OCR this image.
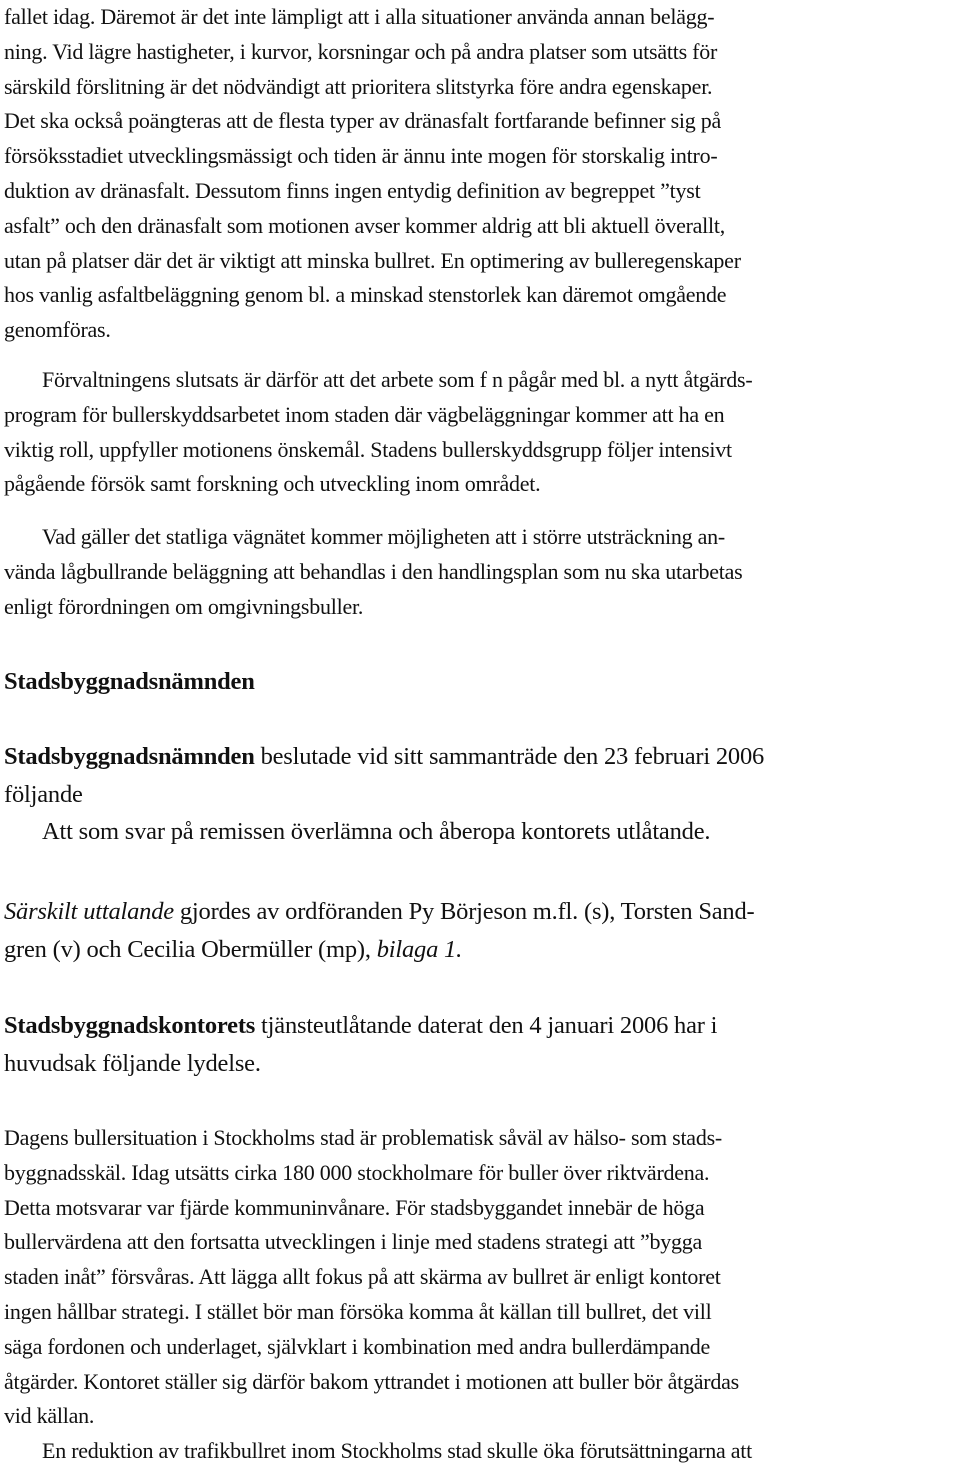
fallet idag. Däremot är det inte lämpligt att i alla situationer använda annan belägg-
ning. Vid lägre hastigheter, i kurvor, korsningar och på andra platser som utsätts för
särskild förslitning är det nödvändigt att prioritera slitstyrka före andra egenskaper.
Det ska också poängteras att de flesta typer av dränasfalt fortfarande befinner sig på
försöksstadiet utvecklingsmässigt och tiden är ännu inte mogen för storskalig intro-
duktion av dränasfalt. Dessutom finns ingen entydig definition av begreppet ”tyst
asfalt” och den dränasfalt som motionen avser kommer aldrig att bli aktuell överallt,
utan på platser där det är viktigt att minska bullret. En optimering av bulleregenskaper
hos vanlig asfaltbeläggning genom bl. a minskad stenstorlek kan däremot omgående
genomföras.
Förvaltningens slutsats är därför att det arbete som f n pågår med bl. a nytt åtgärds-
program för bullerskyddsarbetet inom staden där vägbeläggningar kommer att ha en
viktig roll, uppfyller motionens önskemål. Stadens bullerskyddsgrupp följer intensivt
pågående försök samt forskning och utveckling inom området.
Vad gäller det statliga vägnätet kommer möjligheten att i större utsträckning an-
vända lågbullrande beläggning att behandlas i den handlingsplan som nu ska utarbetas
enligt förordningen om omgivningsbuller.
Stadsbyggnadsnämnden
Stadsbyggnadsnämnden beslutade vid sitt sammanträde den 23 februari 2006
följande
Att som svar på remissen överlämna och åberopa kontorets utlåtande.
Särskilt uttalande gjordes av ordföranden Py Börjeson m.fl. (s), Torsten Sand-
gren (v) och Cecilia Obermüller (mp), bilaga 1.
Stadsbyggnadskontorets tjänsteutlåtande daterat den 4 januari 2006 har i
huvudsak följande lydelse.
Dagens bullersituation i Stockholms stad är problematisk såväl av hälso- som stads-
byggnadsskäl. Idag utsätts cirka 180 000 stockholmare för buller över riktvärdena.
Detta motsvarar var fjärde kommuninvånare. För stadsbyggandet innebär de höga
bullervärdena att den fortsatta utvecklingen i linje med stadens strategi att ”bygga
staden inåt” försvåras. Att lägga allt fokus på att skärma av bullret är enligt kontoret
ingen hållbar strategi. I stället bör man försöka komma åt källan till bullret, det vill
säga fordonen och underlaget, självklart i kombination med andra bullerdämpande
åtgärder. Kontoret ställer sig därför bakom yttrandet i motionen att buller bör åtgärdas
vid källan.
En reduktion av trafikbullret inom Stockholms stad skulle öka förutsättningarna att
